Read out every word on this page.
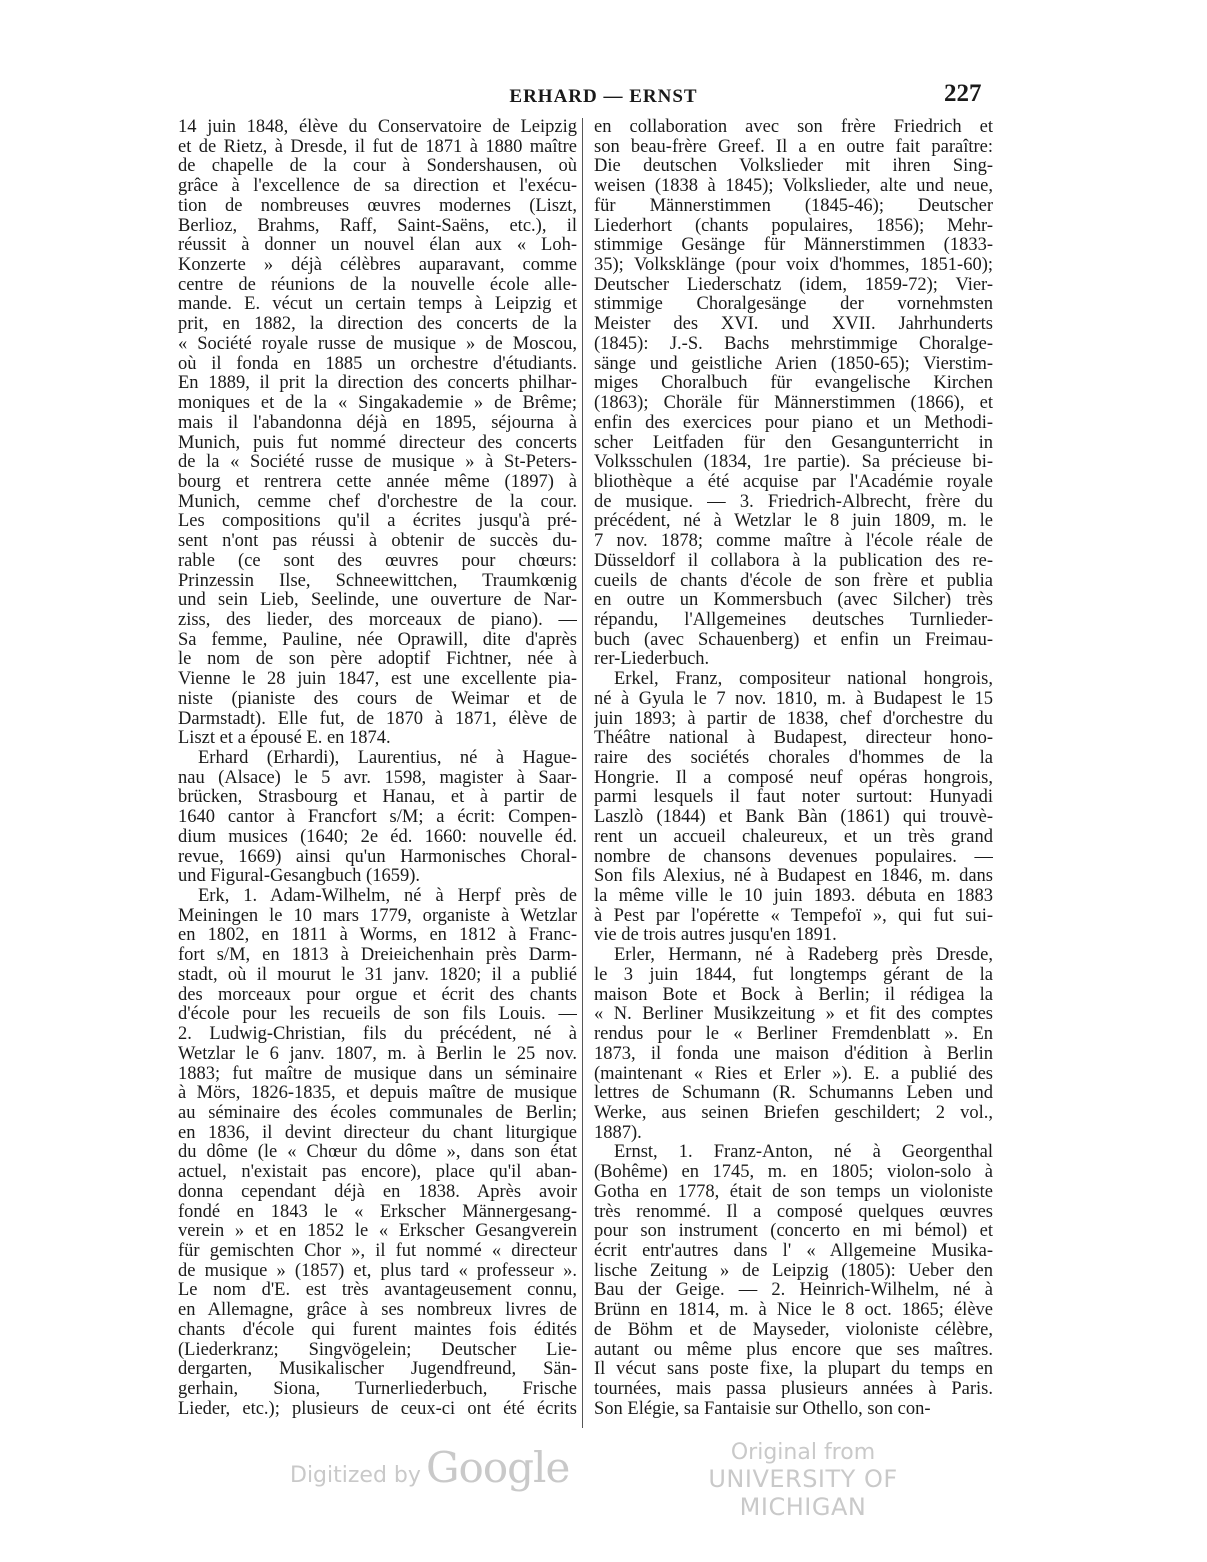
ERHARD — ERNST	227
14 juin 1848, élève du Conservatoire de Leipzig
et de Rietz, à Dresde, il fut de 1871 à 1880 maître
de chapelle de la cour à Sondershausen, où
grâce à l'excellence de sa direction et l'exécu-
tion de nombreuses œuvres modernes (Liszt,
Berlioz, Brahms, Raff, Saint-Saëns, etc.), il
réussit à donner un nouvel élan aux « Loh-
Konzerte » déjà célèbres auparavant, comme
centre de réunions de la nouvelle école alle-
mande. E. vécut un certain temps à Leipzig et
prit, en 1882, la direction des concerts de la
« Société royale russe de musique » de Moscou,
où il fonda en 1885 un orchestre d'étudiants.
En 1889, il prit la direction des concerts philhar-
moniques et de la « Singakademie » de Brême;
mais il l'abandonna déjà en 1895, séjourna à
Munich, puis fut nommé directeur des concerts
de la « Société russe de musique » à St-Peters-
bourg et rentrera cette année même (1897) à
Munich, cemme chef d'orchestre de la cour.
Les compositions qu'il a écrites jusqu'à pré-
sent n'ont pas réussi à obtenir de succès du-
rable (ce sont des œuvres pour chœurs:
Prinzessin Ilse, Schneewittchen, Traumkœnig
und sein Lieb, Seelinde, une ouverture de Nar-
ziss, des lieder, des morceaux de piano). —
Sa femme, Pauline, née Oprawill, dite d'après
le nom de son père adoptif Fichtner, née à
Vienne le 28 juin 1847, est une excellente pia-
niste (pianiste des cours de Weimar et de
Darmstadt). Elle fut, de 1870 à 1871, élève de
Liszt et a épousé E. en 1874.
Erhard (Erhardi), Laurentius, né à Hague-
nau (Alsace) le 5 avr. 1598, magister à Saar-
brücken, Strasbourg et Hanau, et à partir de
1640 cantor à Francfort s/M; a écrit: Compen-
dium musices (1640; 2e éd. 1660: nouvelle éd.
revue, 1669) ainsi qu'un Harmonisches Choral-
und Figural-Gesangbuch (1659).
Erk, 1. Adam-Wilhelm, né à Herpf près de
Meiningen le 10 mars 1779, organiste à Wetzlar
en 1802, en 1811 à Worms, en 1812 à Franc-
fort s/M, en 1813 à Dreieichenhain près Darm-
stadt, où il mourut le 31 janv. 1820; il a publié
des morceaux pour orgue et écrit des chants
d'école pour les recueils de son fils Louis. —
2. Ludwig-Christian, fils du précédent, né à
Wetzlar le 6 janv. 1807, m. à Berlin le 25 nov.
1883; fut maître de musique dans un séminaire
à Mörs, 1826-1835, et depuis maître de musique
au séminaire des écoles communales de Berlin;
en 1836, il devint directeur du chant liturgique
du dôme (le « Chœur du dôme », dans son état
actuel, n'existait pas encore), place qu'il aban-
donna cependant déjà en 1838. Après avoir
fondé en 1843 le « Erkscher Männergesang-
verein » et en 1852 le « Erkscher Gesangverein
für gemischten Chor », il fut nommé « directeur
de musique » (1857) et, plus tard « professeur ».
Le nom d'E. est très avantageusement connu,
en Allemagne, grâce à ses nombreux livres de
chants d'école qui furent maintes fois édités
(Liederkranz; Singvögelein; Deutscher Lie-
dergarten, Musikalischer Jugendfreund, Sän-
gerhain, Siona, Turnerliederbuch, Frische
Lieder, etc.); plusieurs de ceux-ci ont été écrits
en collaboration avec son frère Friedrich et
son beau-frère Greef. Il a en outre fait paraître:
Die deutschen Volkslieder mit ihren Sing-
weisen (1838 à 1845); Volkslieder, alte und neue,
für Männerstimmen (1845-46); Deutscher
Liederhort (chants populaires, 1856); Mehr-
stimmige Gesänge für Männerstimmen (1833-
35); Volksklänge (pour voix d'hommes, 1851-60);
Deutscher Liederschatz (idem, 1859-72); Vier-
stimmige Choralgesänge der vornehmsten
Meister des XVI. und XVII. Jahrhunderts
(1845): J.-S. Bachs mehrstimmige Choralge-
sänge und geistliche Arien (1850-65); Vierstim-
miges Choralbuch für evangelische Kirchen
(1863); Choräle für Männerstimmen (1866), et
enfin des exercices pour piano et un Methodi-
scher Leitfaden für den Gesangunterricht in
Volksschulen (1834, 1re partie). Sa précieuse bi-
bliothèque a été acquise par l'Académie royale
de musique. — 3. Friedrich-Albrecht, frère du
précédent, né à Wetzlar le 8 juin 1809, m. le
7 nov. 1878; comme maître à l'école réale de
Düsseldorf il collabora à la publication des re-
cueils de chants d'école de son frère et publia
en outre un Kommersbuch (avec Silcher) très
répandu, l'Allgemeines deutsches Turnlieder-
buch (avec Schauenberg) et enfin un Freimau-
rer-Liederbuch.
Erkel, Franz, compositeur national hongrois,
né à Gyula le 7 nov. 1810, m. à Budapest le 15
juin 1893; à partir de 1838, chef d'orchestre du
Théâtre national à Budapest, directeur hono-
raire des sociétés chorales d'hommes de la
Hongrie. Il a composé neuf opéras hongrois,
parmi lesquels il faut noter surtout: Hunyadi
Laszlò (1844) et Bank Bàn (1861) qui trouvè-
rent un accueil chaleureux, et un très grand
nombre de chansons devenues populaires. —
Son fils Alexius, né à Budapest en 1846, m. dans
la même ville le 10 juin 1893. débuta en 1883
à Pest par l'opérette « Tempefoï », qui fut sui-
vie de trois autres jusqu'en 1891.
Erler, Hermann, né à Radeberg près Dresde,
le 3 juin 1844, fut longtemps gérant de la
maison Bote et Bock à Berlin; il rédigea la
« N. Berliner Musikzeitung » et fit des comptes
rendus pour le « Berliner Fremdenblatt ». En
1873, il fonda une maison d'édition à Berlin
(maintenant « Ries et Erler »). E. a publié des
lettres de Schumann (R. Schumanns Leben und
Werke, aus seinen Briefen geschildert; 2 vol.,
1887).
Ernst, 1. Franz-Anton, né à Georgenthal
(Bohême) en 1745, m. en 1805; violon-solo à
Gotha en 1778, était de son temps un violoniste
très renommé. Il a composé quelques œuvres
pour son instrument (concerto en mi bémol) et
écrit entr'autres dans l' « Allgemeine Musika-
lische Zeitung » de Leipzig (1805): Ueber den
Bau der Geige. — 2. Heinrich-Wilhelm, né à
Brünn en 1814, m. à Nice le 8 oct. 1865; élève
de Böhm et de Mayseder, violoniste célèbre,
autant ou même plus encore que ses maîtres.
Il vécut sans poste fixe, la plupart du temps en
tournées, mais passa plusieurs années à Paris.
Son Elégie, sa Fantaisie sur Othello, son con-
Digitized by Google	Original from
UNIVERSITY OF MICHIGAN
